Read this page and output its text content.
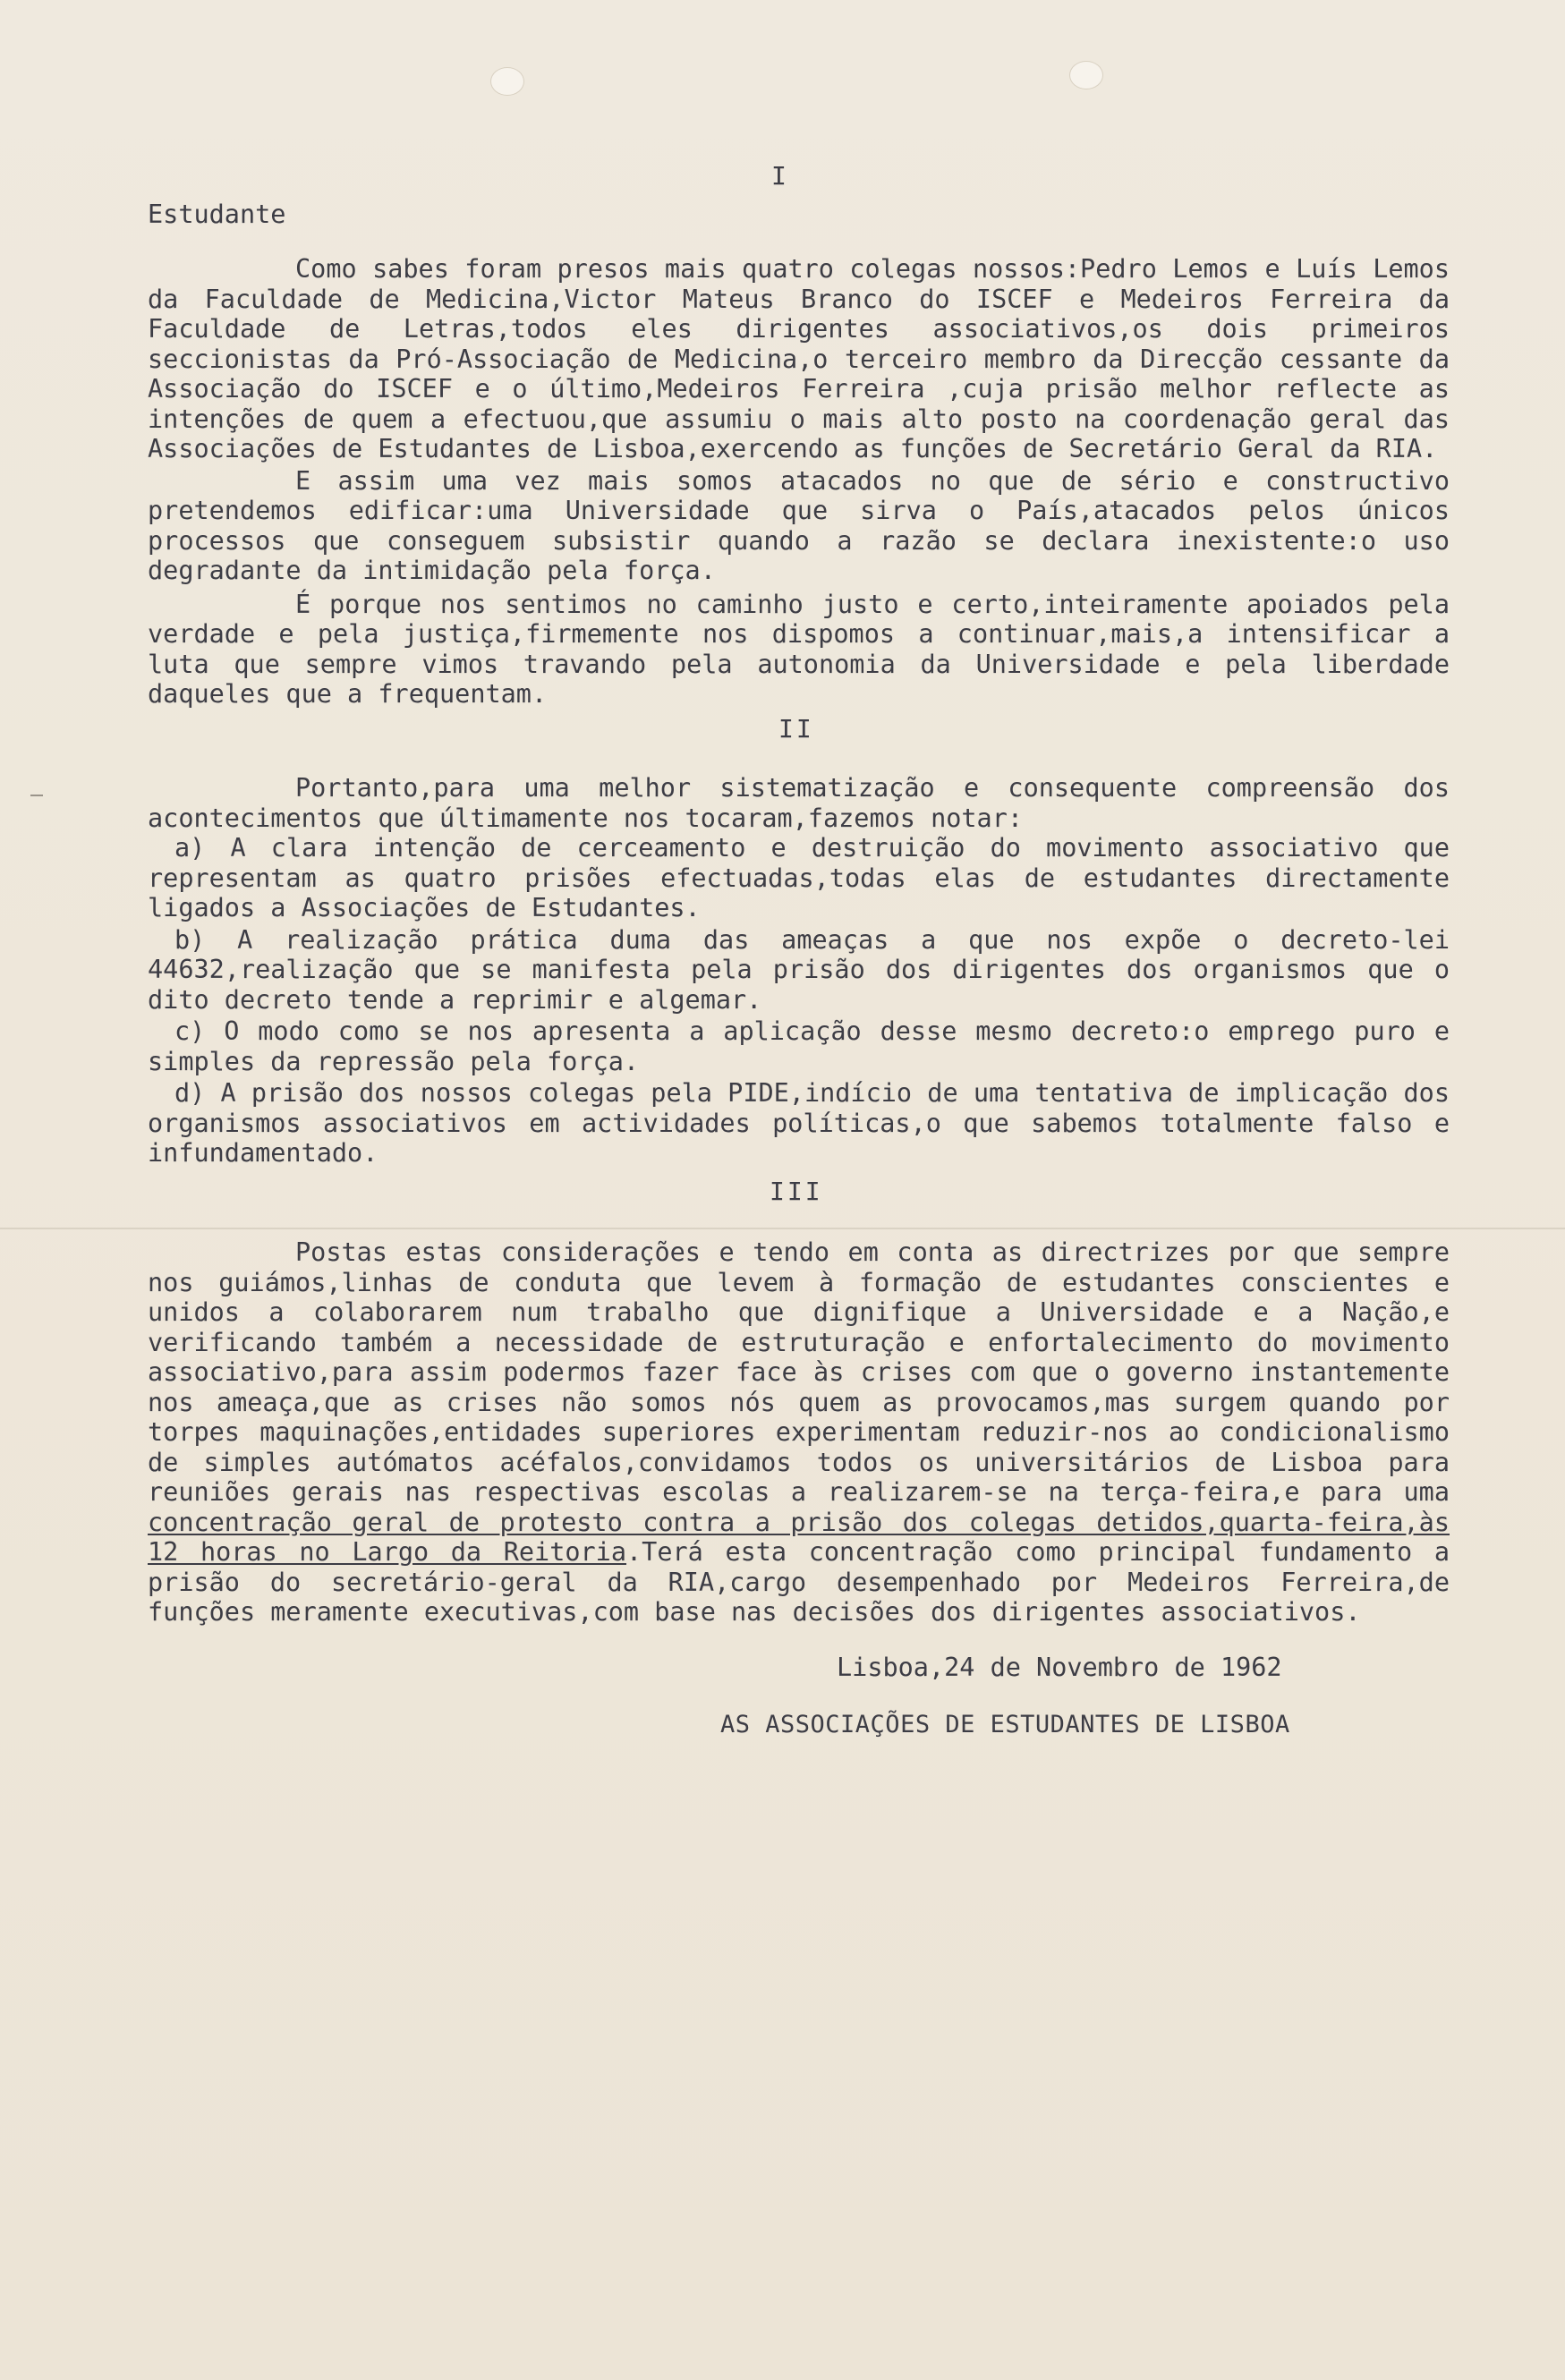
I
Estudante

Como sabes foram presos mais quatro colegas nossos:Pedro Lemos e Luís Lemos da Faculdade de Medicina,Victor Mateus Branco do ISCEF e Medeiros Ferreira da Faculdade de Letras,todos eles dirigentes associativos,os dois primeiros seccionistas da Pró-Associação de Medicina,o terceiro membro da Direcção cessante da Associação do ISCEF e o último,Medeiros Ferreira ,cuja prisão melhor reflecte as intenções de quem a efectuou,que assumiu o mais alto posto na coordenação geral das Associações de Estudantes de Lisboa,exercendo as funções de Secretário Geral da RIA.

E assim uma vez mais somos atacados no que de sério e constructivo pretendemos edificar:uma Universidade que sirva o País,atacados pelos únicos processos que conseguem subsistir quando a razão se declara inexistente:o uso degradante da intimidação pela força.

É porque nos sentimos no caminho justo e certo,inteiramente apoiados pela verdade e pela justiça,firmemente nos dispomos a continuar,mais,a intensificar a luta que sempre vimos travando pela autonomia da Universidade e pela liberdade daqueles que a frequentam.

II

Portanto,para uma melhor sistematização e consequente compreensão dos acontecimentos que últimamente nos tocaram,fazemos notar:

a) A clara intenção de cerceamento e destruição do movimento associativo que representam as quatro prisões efectuadas,todas elas de estudantes directamente ligados a Associações de Estudantes.

b) A realização prática duma das ameaças a que nos expõe o decreto-lei 44632,realização que se manifesta pela prisão dos dirigentes dos organismos que o dito decreto tende a reprimir e algemar.

c) O modo como se nos apresenta a aplicação desse mesmo decreto:o emprego puro e simples da repressão pela força.

d) A prisão dos nossos colegas pela PIDE,indício de uma tentativa de implicação dos organismos associativos em actividades políticas,o que sabemos totalmente falso e infundamentado.

III

Postas estas considerações e tendo em conta as directrizes por que sempre nos guiámos,linhas de conduta que levem à formação de estudantes conscientes e unidos a colaborarem num trabalho que dignifique a Universidade e a Nação,e verificando também a necessidade de estruturação e enfortalecimento do movimento associativo,para assim podermos fazer face às crises com que o governo instantemente nos ameaça,que as crises não somos nós quem as provocamos,mas surgem quando por torpes maquinações,entidades superiores experimentam reduzir-nos ao condicionalismo de simples autómatos acéfalos,convidamos todos os universitários de Lisboa para reuniões gerais nas respectivas escolas a realizarem-se na terça-feira,e para uma concentração geral de protesto contra a prisão dos colegas detidos,quarta-feira,às 12 horas no Largo da Reitoria.Terá esta concentração como principal fundamento a prisão do secretário-geral da RIA,cargo desempenhado por Medeiros Ferreira,de funções meramente executivas,com base nas decisões dos dirigentes associativos.

Lisboa,24 de Novembro de 1962
AS ASSOCIAÇÕES DE ESTUDANTES DE LISBOA
